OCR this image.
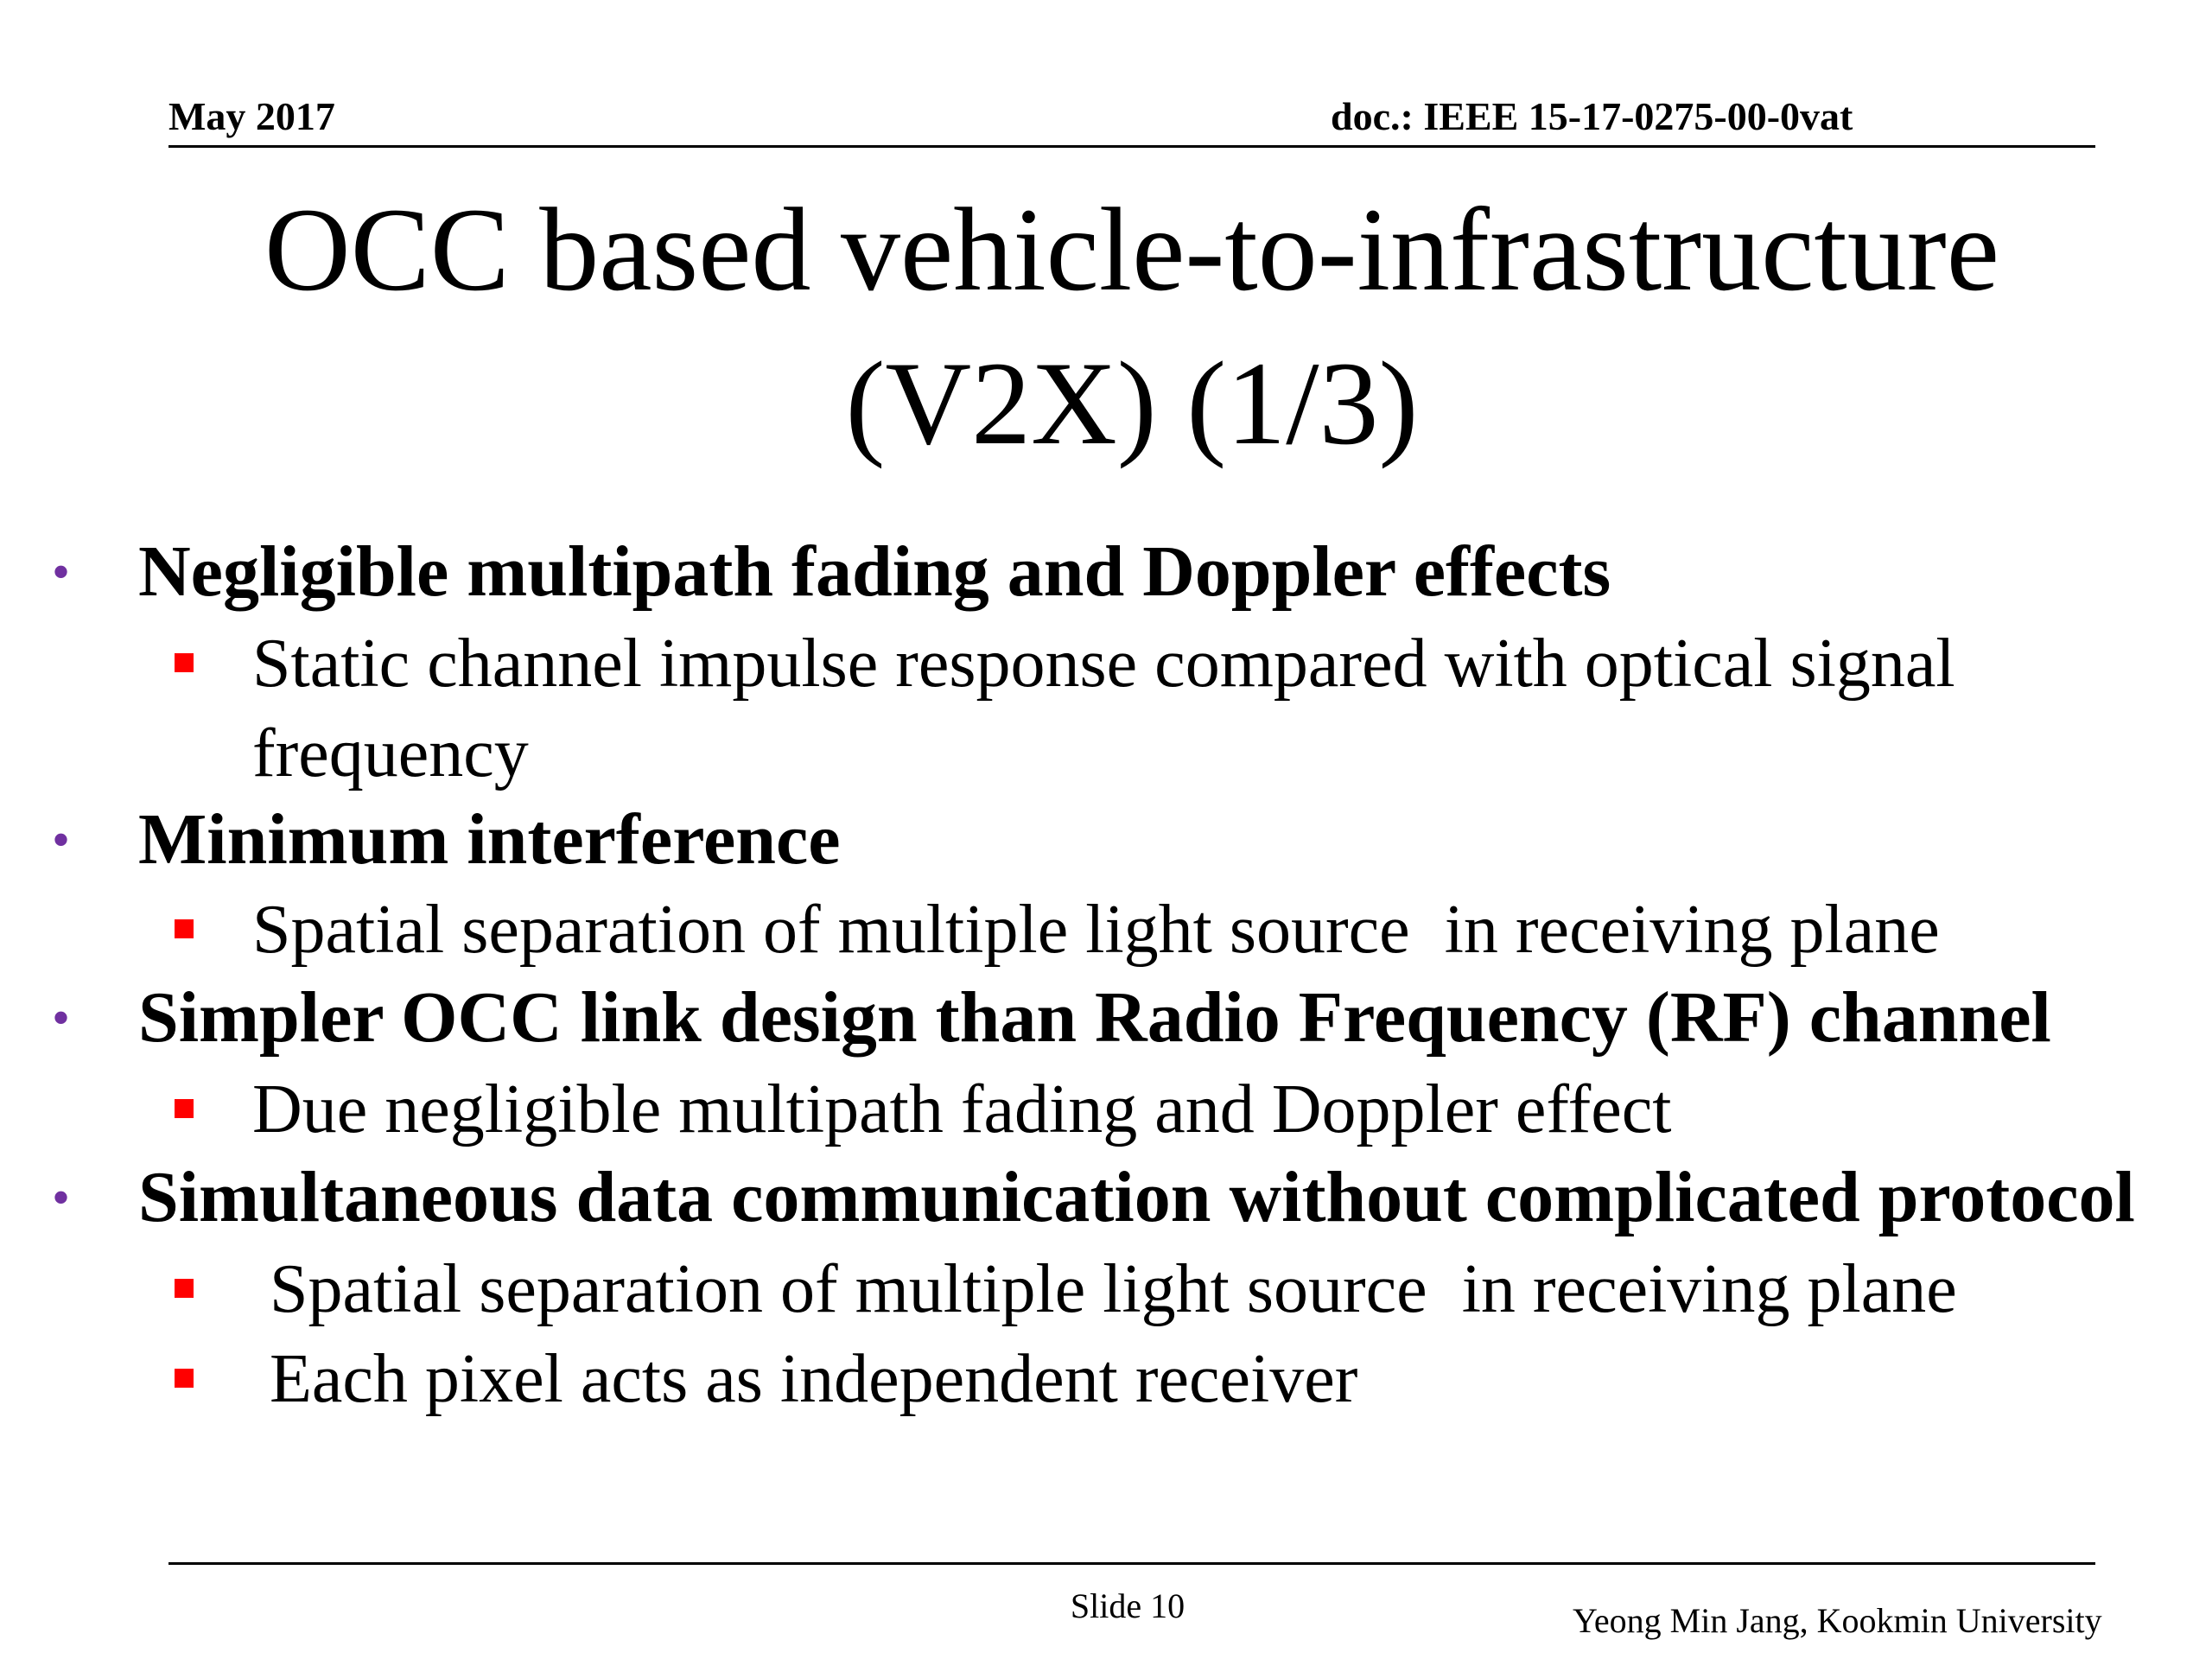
May 2017	doc.: IEEE 15-17-0275-00-0vat
OCC based vehicle-to-infrastructure
(V2X) (1/3)
• Negligible multipath fading and Doppler effects
Static channel impulse response compared with optical signal
frequency
• Minimum interference
Spatial separation of multiple light source  in receiving plane
• Simpler OCC link design than Radio Frequency (RF) channel
Due negligible multipath fading and Doppler effect
• Simultaneous data communication without complicated protocol
Spatial separation of multiple light source  in receiving plane
Each pixel acts as independent receiver
Slide 10	Yeong Min Jang, Kookmin University
